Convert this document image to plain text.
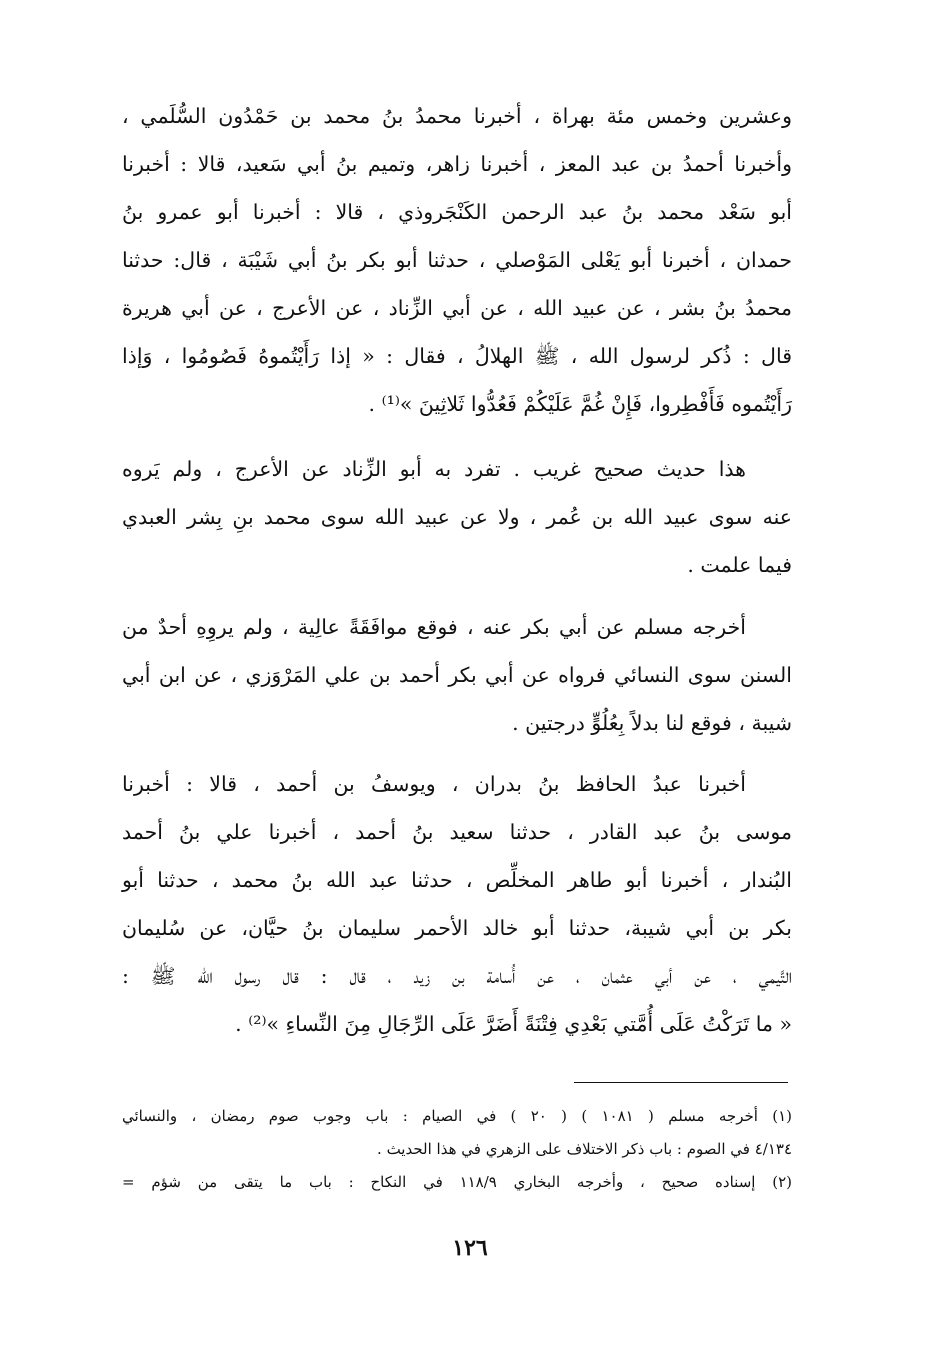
وعشرين وخمس مئة بهراة ، أخبرنا محمدُ بنُ محمد بن حَمْدُون السُّلَمي ،
وأخبرنا أحمدُ بن عبد المعز ، أخبرنا زاهر، وتميم بنُ أبي سَعيد، قالا : أخبرنا
أبو سَعْد محمد بنُ عبد الرحمن الكَنْجَروذي ، قالا : أخبرنا أبو عمرو بنُ
حمدان ، أخبرنا أبو يَعْلى المَوْصلي ، حدثنا أبو بكر بنُ أبي شَيْبَة ، قال: حدثنا
محمدُ بنُ بشر ، عن عبيد الله ، عن أبي الزِّناد ، عن الأعرج ، عن أبي هريرة
قال : ذُكر لرسول الله ، ﷺ الهلالُ ، فقال : « إذا رَأَيْتُموهُ فَصُومُوا ، وَإذا
رَأَيْتُموه فَأَفْطِروا، فَإِنْ غُمَّ عَلَيْكُمْ فَعُدُّوا ثَلاثِينَ »⁽¹⁾ .
هذا حديث صحيح غريب . تفرد به أبو الزِّناد عن الأعرج ، ولم يَروه
عنه سوى عبيد الله بن عُمر ، ولا عن عبيد الله سوى محمد بنِ بِشر العبدي
فيما علمت .
أخرجه مسلم عن أبي بكر عنه ، فوقع موافَقَةً عالِية ، ولم يروِهِ أحدٌ من
السنن سوى النسائي فرواه عن أبي بكر أحمد بن علي المَرْوَزي ، عن ابن أبي
شيبة ، فوقع لنا بدلاً بِعُلُوٍّ درجتين .
أخبرنا عبدُ الحافظ بنُ بدران ، ويوسفُ بن أحمد ، قالا : أخبرنا
موسى بنُ عبد القادر ، حدثنا سعيد بنُ أحمد ، أخبرنا علي بنُ أحمد
البُندار ، أخبرنا أبو طاهر المخلِّص ، حدثنا عبد الله بنُ محمد ، حدثنا أبو
بكر بن أبي شيبة، حدثنا أبو خالد الأحمر سليمان بنُ حيَّان، عن سُليمان
التَّيمي ، عن أبي عثمان ، عن أُسامة بن زيد ، قال : قال رسول الله ﷺ :
« ما تَرَكْتُ عَلَى أُمَّتي بَعْدِي فِتْنَةً أَضَرَّ عَلَى الرِّجَالِ مِنَ النِّساءِ »⁽²⁾ .
(١) أخرجه مسلم ( ١٠٨١ ) ( ٢٠ ) في الصيام : باب وجوب صوم رمضان ، والنسائي
٤/١٣٤ في الصوم : باب ذكر الاختلاف على الزهري في هذا الحديث .
(٢) إسناده صحيح ، وأخرجه البخاري ١١٨/٩ في النكاح : باب ما يتقى من شؤم =
١٢٦
